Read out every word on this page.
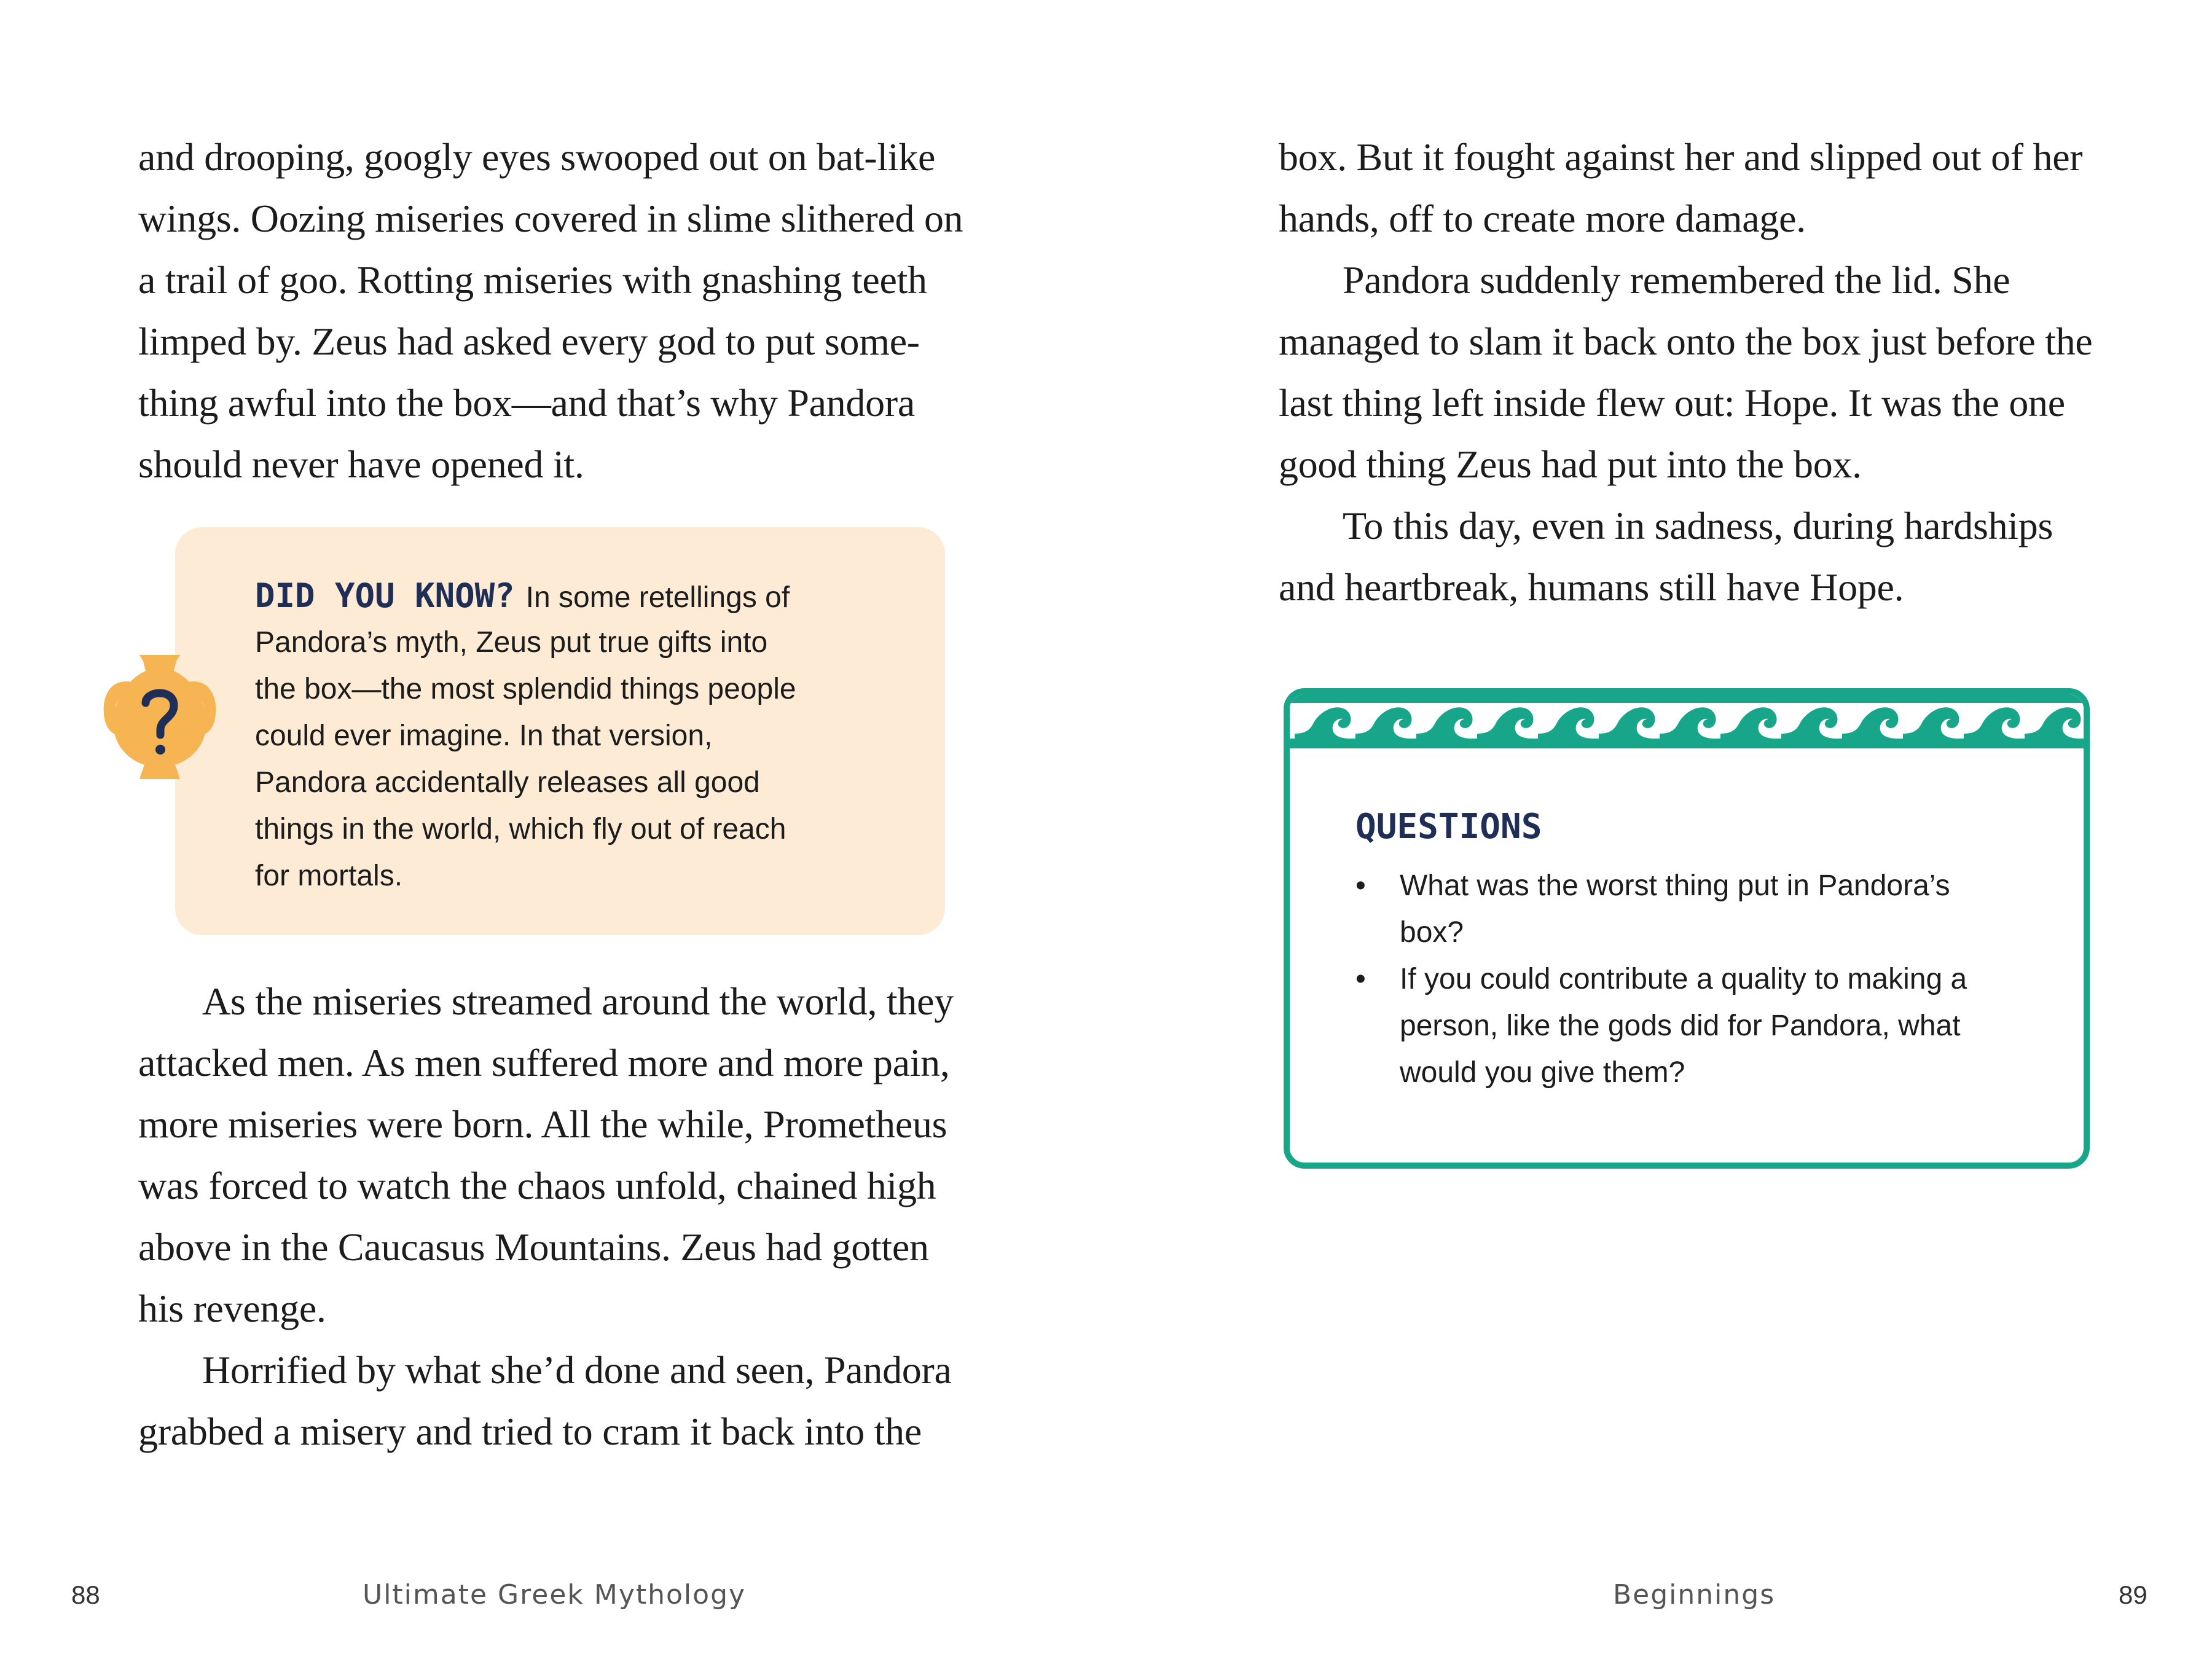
and drooping, googly eyes swooped out on bat-like
wings. Oozing miseries covered in slime slithered on
a trail of goo. Rotting miseries with gnashing teeth
limped by. Zeus had asked every god to put some-
thing awful into the box—and that’s why Pandora
should never have opened it.
DID YOU KNOW? In some retellings of
Pandora’s myth, Zeus put true gifts into
the box—the most splendid things people
could ever imagine. In that version,
Pandora accidentally releases all good
things in the world, which fly out of reach
for mortals.
As the miseries streamed around the world, they
attacked men. As men suffered more and more pain,
more miseries were born. All the while, Prometheus
was forced to watch the chaos unfold, chained high
above in the Caucasus Mountains. Zeus had gotten
his revenge.
Horrified by what she’d done and seen, Pandora
grabbed a misery and tried to cram it back into the
88	Ultimate Greek Mythology
box. But it fought against her and slipped out of her
hands, off to create more damage.
Pandora suddenly remembered the lid. She
managed to slam it back onto the box just before the
last thing left inside flew out: Hope. It was the one
good thing Zeus had put into the box.
To this day, even in sadness, during hardships
and heartbreak, humans still have Hope.
QUESTIONS
• What was the worst thing put in Pandora’s
box?
• If you could contribute a quality to making a
person, like the gods did for Pandora, what
would you give them?
Beginnings	89
